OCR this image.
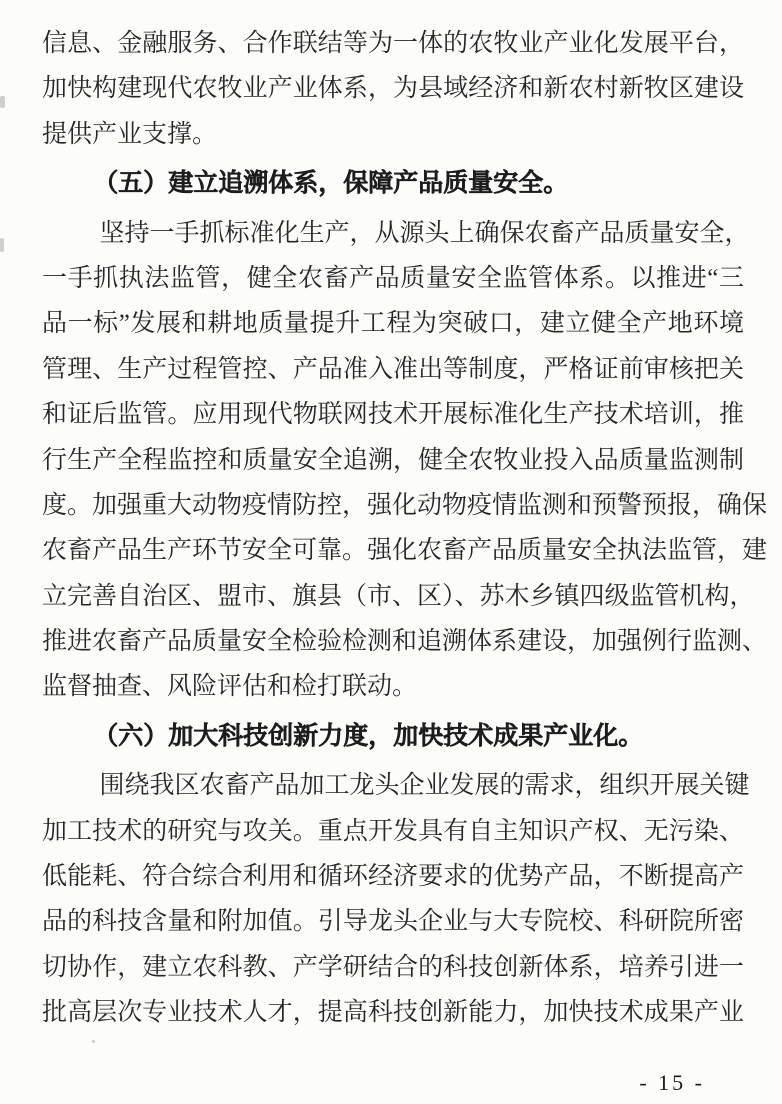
信息、金融服务、合作联结等为一体的农牧业产业化发展平台，
加快构建现代农牧业产业体系，为县域经济和新农村新牧区建设
提供产业支撑。
（五）建立追溯体系，保障产品质量安全。
坚持一手抓标准化生产，从源头上确保农畜产品质量安全，
一手抓执法监管，健全农畜产品质量安全监管体系。以推进“三
品一标”发展和耕地质量提升工程为突破口，建立健全产地环境
管理、生产过程管控、产品准入准出等制度，严格证前审核把关
和证后监管。应用现代物联网技术开展标准化生产技术培训，推
行生产全程监控和质量安全追溯，健全农牧业投入品质量监测制
度。加强重大动物疫情防控，强化动物疫情监测和预警预报，确保
农畜产品生产环节安全可靠。强化农畜产品质量安全执法监管，建
立完善自治区、盟市、旗县（市、区）、苏木乡镇四级监管机构，
推进农畜产品质量安全检验检测和追溯体系建设，加强例行监测、
监督抽查、风险评估和检打联动。
（六）加大科技创新力度，加快技术成果产业化。
围绕我区农畜产品加工龙头企业发展的需求，组织开展关键
加工技术的研究与攻关。重点开发具有自主知识产权、无污染、
低能耗、符合综合利用和循环经济要求的优势产品，不断提高产
品的科技含量和附加值。引导龙头企业与大专院校、科研院所密
切协作，建立农科教、产学研结合的科技创新体系，培养引进一
批高层次专业技术人才，提高科技创新能力，加快技术成果产业
- 15 -
